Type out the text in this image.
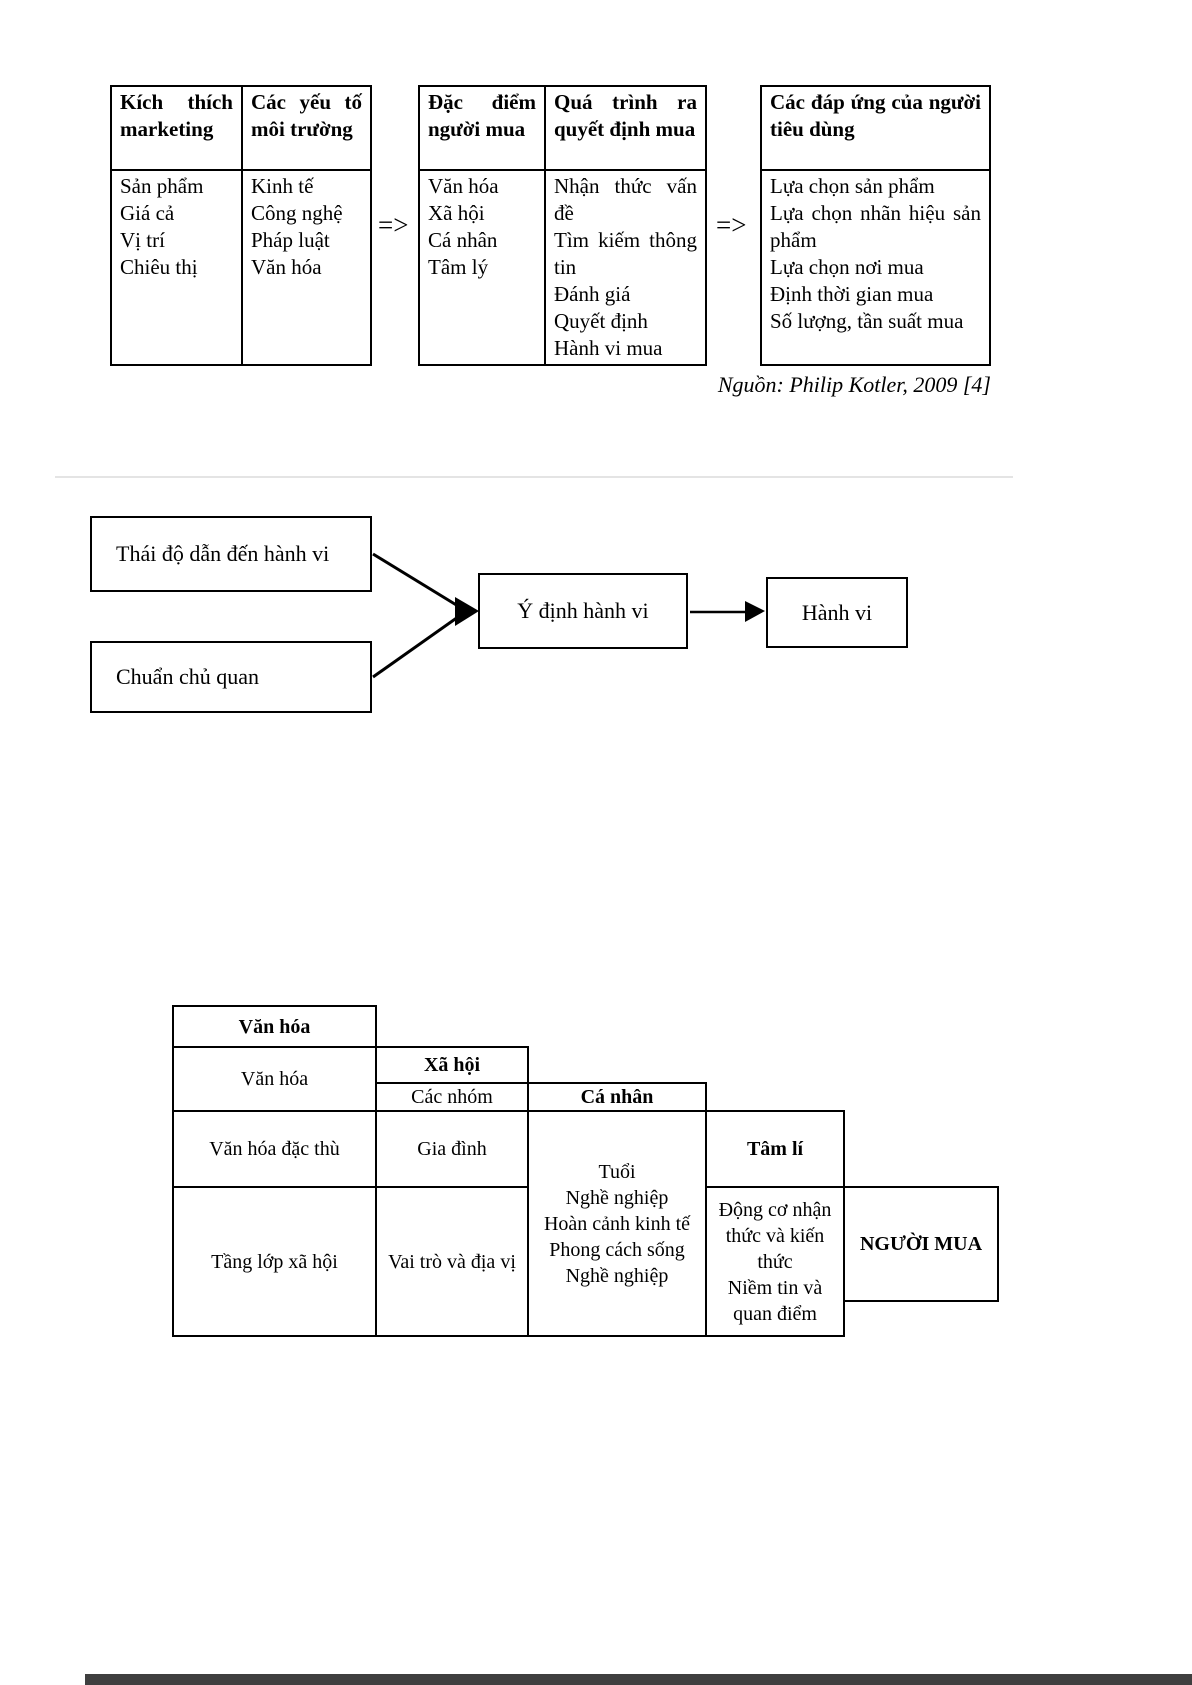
Kích thích marketing
Sản phẩm
Giá cả
Vị trí
Chiêu thị
Các yếu tố môi trường
Kinh tế
Công nghệ
Pháp luật
Văn hóa
=>
Đặc điểm người mua
Văn hóa
Xã hội
Cá nhân
Tâm lý
Quá trình ra quyết định mua
Nhận thức vấn đề
Tìm kiếm thông tin
Đánh giá
Quyết định
Hành vi mua
=>
Các đáp ứng của người tiêu dùng
Lựa chọn sản phẩm
Lựa chọn nhãn hiệu sản phẩm
Lựa chọn nơi mua
Định thời gian mua
Số lượng, tần suất mua
Nguồn: Philip Kotler, 2009 [4]
Thái độ dẫn đến hành vi
Chuẩn chủ quan
Ý định hành vi	Hành vi
Văn hóa
Văn hóa
Văn hóa đặc thù
Tầng lớp xã hội
Xã hội
Các nhóm
Gia đình
Vai trò và địa vị
Cá nhân
Tuổi
Nghề nghiệp
Hoàn cảnh kinh tế
Phong cách sống
Nghề nghiệp
Tâm lí
Động cơ nhận thức và kiến thức
Niềm tin và quan điểm
NGƯỜI MUA
